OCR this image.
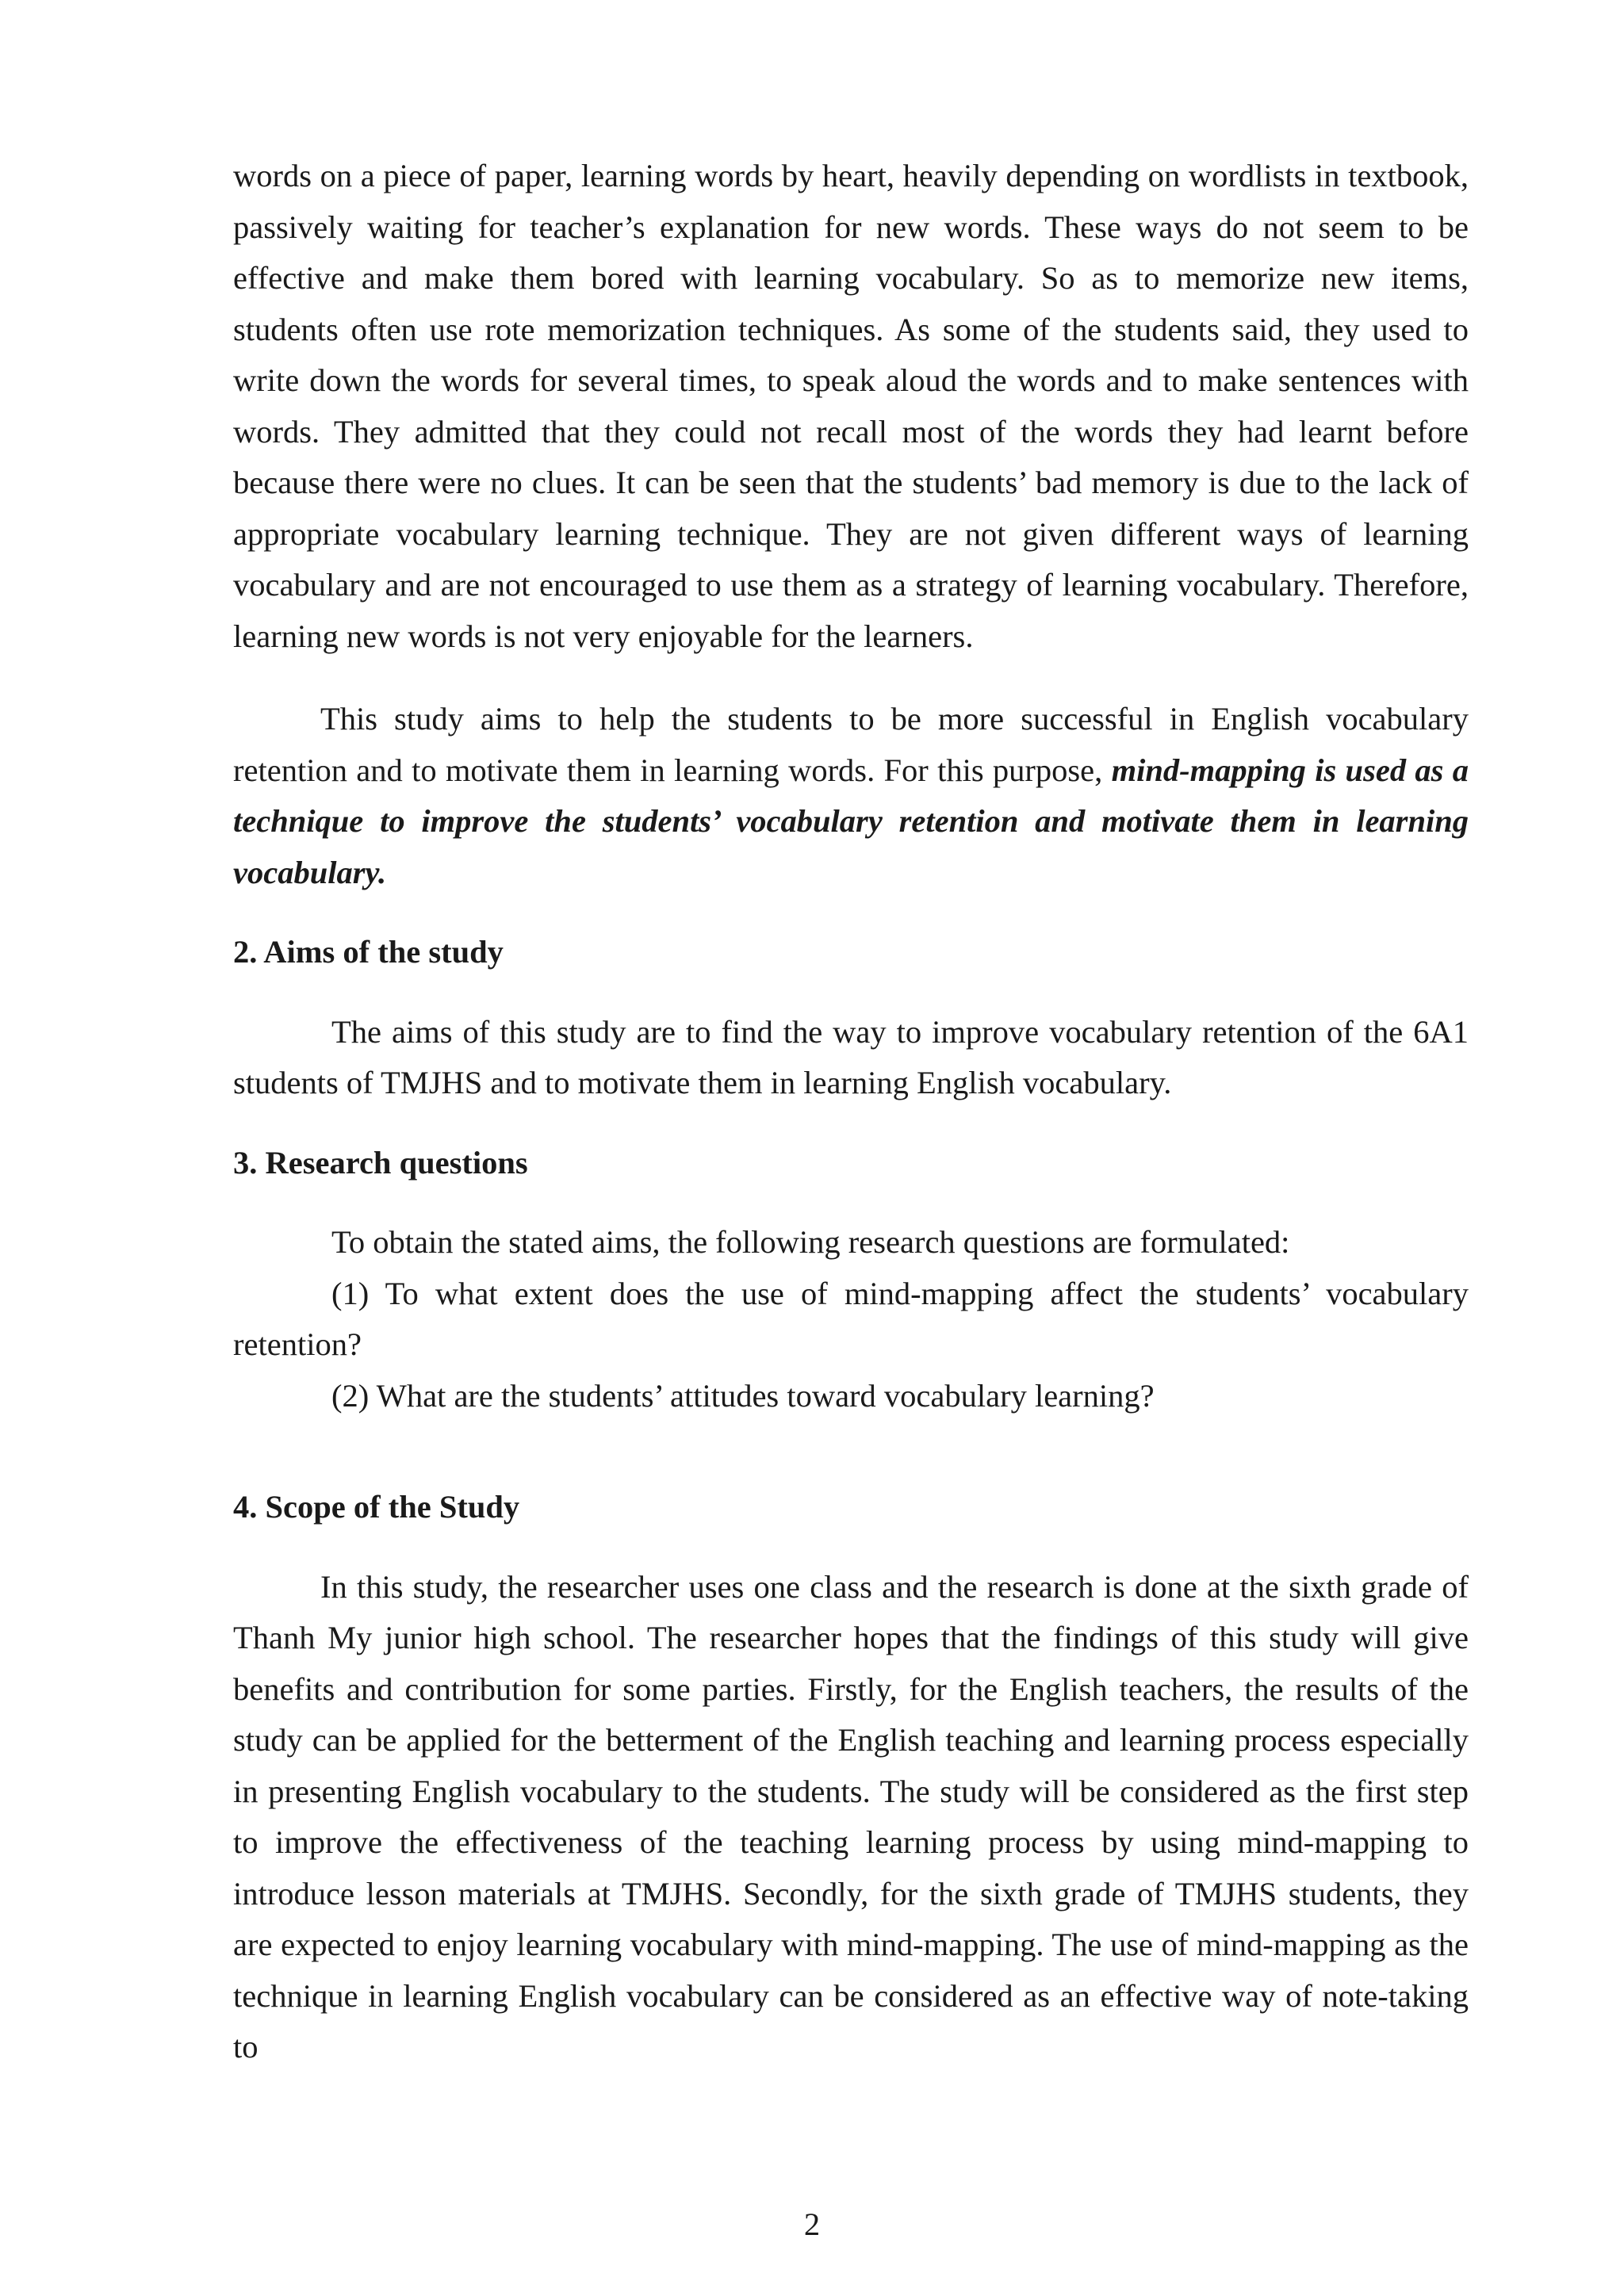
words on a piece of paper, learning words by heart, heavily depending on wordlists in textbook, passively waiting for teacher’s explanation for new words. These ways do not seem to be effective and make them bored with learning vocabulary. So as to memorize new items, students often use rote memorization techniques. As some of the students said, they used to write down the words for several times, to speak aloud the words and to make sentences with words. They admitted that they could not recall most of the words they had learnt before because there were no clues. It can be seen that the students’ bad memory is due to the lack of appropriate vocabulary learning technique. They are not given different ways of learning vocabulary and are not encouraged to use them as a strategy of learning vocabulary. Therefore, learning new words is not very enjoyable for the learners.

This study aims to help the students to be more successful in English vocabulary retention and to motivate them in learning words. For this purpose, mind-mapping is used as a technique to improve the students’ vocabulary retention and motivate them in learning vocabulary.

2. Aims of the study

The aims of this study are to find the way to improve vocabulary retention of the 6A1 students of TMJHS and to motivate them in learning English vocabulary.

3. Research questions

To obtain the stated aims, the following research questions are formulated:

(1) To what extent does the use of mind-mapping affect the students’ vocabulary retention?

(2) What are the students’ attitudes toward vocabulary learning?

4. Scope of the Study

In this study, the researcher uses one class and the research is done at the sixth grade of Thanh My junior high school. The researcher hopes that the findings of this study will give benefits and contribution for some parties. Firstly, for the English teachers, the results of the study can be applied for the betterment of the English teaching and learning process especially in presenting English vocabulary to the students. The study will be considered as the first step to improve the effectiveness of the teaching learning process by using mind-mapping to introduce lesson materials at TMJHS. Secondly, for the sixth grade of TMJHS students, they are expected to enjoy learning vocabulary with mind-mapping. The use of mind-mapping as the technique in learning English vocabulary can be considered as an effective way of note-taking to

2
